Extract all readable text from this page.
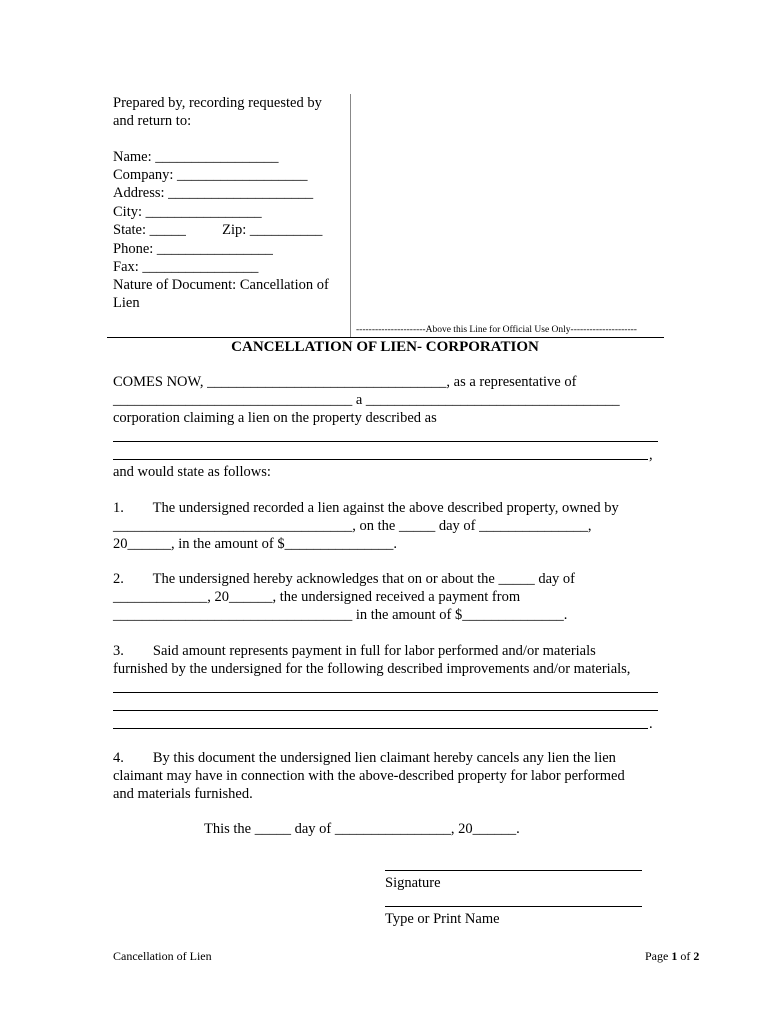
Prepared by, recording requested by
and return to:
Name: _________________
Company: __________________
Address: ____________________
City: ________________
State: _____          Zip: __________
Phone: ________________
Fax: ________________
Nature of Document: Cancellation of
Lien
----------------------Above this Line for Official Use Only---------------------
CANCELLATION OF LIEN- CORPORATION
COMES NOW, _________________________________, as a representative of
_________________________________ a ___________________________________
corporation claiming a lien on the property described as
,
and would state as follows:
1.        The undersigned recorded a lien against the above described property, owned by
_________________________________, on the _____ day of _______________,
20______, in the amount of $_______________.
2.        The undersigned hereby acknowledges that on or about the _____ day of
_____________, 20______, the undersigned received a payment from
_________________________________ in the amount of $______________.
3.        Said amount represents payment in full for labor performed and/or materials
furnished by the undersigned for the following described improvements and/or materials,
.
4.        By this document the undersigned lien claimant hereby cancels any lien the lien
claimant may have in connection with the above-described property for labor performed
and materials furnished.
This the _____ day of ________________, 20______.
Signature
Type or Print Name
Cancellation of Lien	Page 1 of 2
